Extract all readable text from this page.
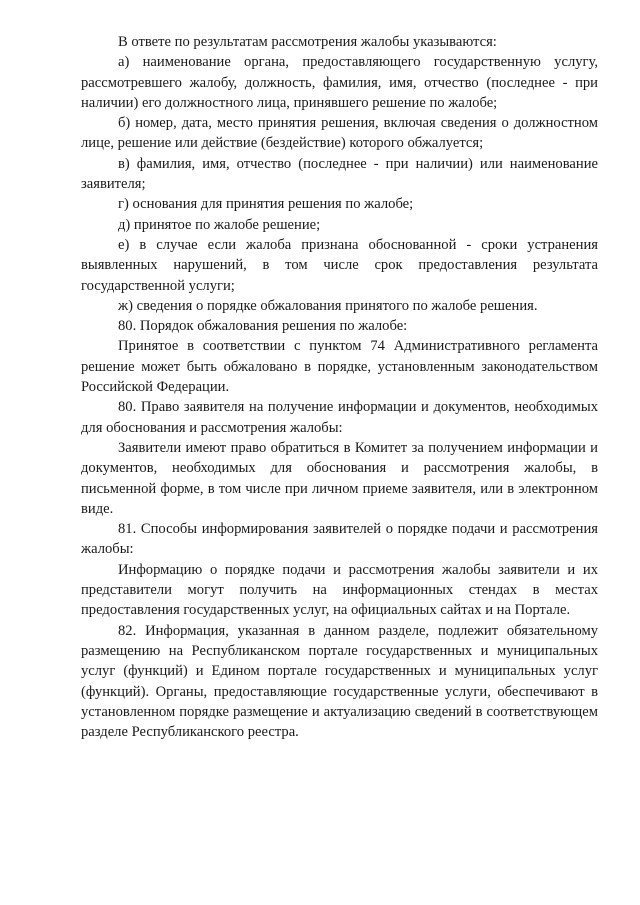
В ответе по результатам рассмотрения жалобы указываются:

а) наименование органа, предоставляющего государственную услугу, рассмотревшего жалобу, должность, фамилия, имя, отчество (последнее - при наличии) его должностного лица, принявшего решение по жалобе;

б) номер, дата, место принятия решения, включая сведения о должностном лице, решение или действие (бездействие) которого обжалуется;

в) фамилия, имя, отчество (последнее - при наличии) или наименование заявителя;

г) основания для принятия решения по жалобе;

д) принятое по жалобе решение;

е) в случае если жалоба признана обоснованной - сроки устранения выявленных нарушений, в том числе срок предоставления результата государственной услуги;

ж) сведения о порядке обжалования принятого по жалобе решения.

80. Порядок обжалования решения по жалобе:

Принятое в соответствии с пунктом 74 Административного регламента решение может быть обжаловано в порядке, установленным законодательством Российской Федерации.

80. Право заявителя на получение информации и документов, необходимых для обоснования и рассмотрения жалобы:

Заявители имеют право обратиться в Комитет за получением информации и документов, необходимых для обоснования и рассмотрения жалобы, в письменной форме, в том числе при личном приеме заявителя, или в электронном виде.

81. Способы информирования заявителей о порядке подачи и рассмотрения жалобы:

Информацию о порядке подачи и рассмотрения жалобы заявители и их представители могут получить на информационных стендах в местах предоставления государственных услуг, на официальных сайтах и на Портале.

82. Информация, указанная в данном разделе, подлежит обязательному размещению на Республиканском портале государственных и муниципальных услуг (функций) и Едином портале государственных и муниципальных услуг (функций). Органы, предоставляющие государственные услуги, обеспечивают в установленном порядке размещение и актуализацию сведений в соответствующем разделе Республиканского реестра.
